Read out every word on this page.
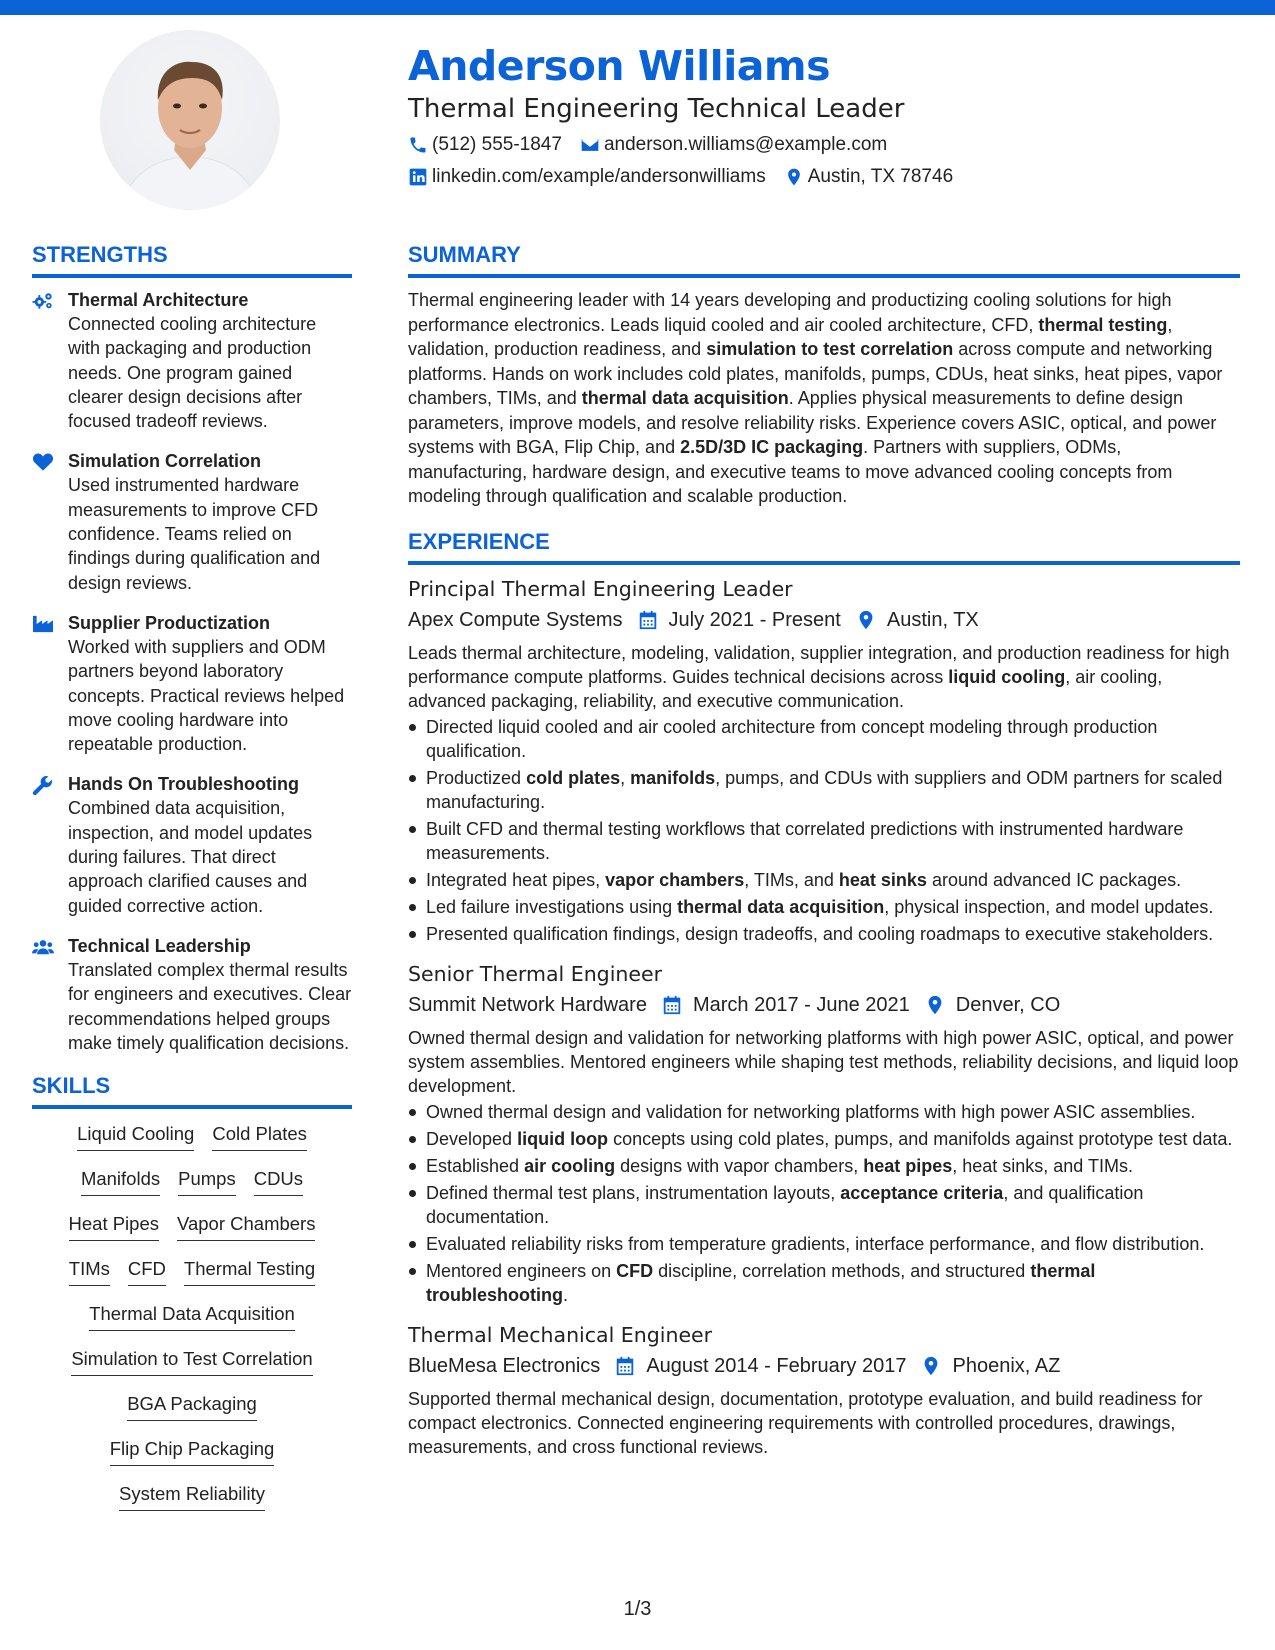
Anderson Williams
Thermal Engineering Technical Leader
(512) 555-1847 anderson.williams@example.com
linkedin.com/example/andersonwilliams Austin, TX 78746
STRENGTHS
Thermal Architecture
Connected cooling architecture with packaging and production needs. One program gained clearer design decisions after focused tradeoff reviews.
Simulation Correlation
Used instrumented hardware measurements to improve CFD confidence. Teams relied on findings during qualification and design reviews.
Supplier Productization
Worked with suppliers and ODM partners beyond laboratory concepts. Practical reviews helped move cooling hardware into repeatable production.
Hands On Troubleshooting
Combined data acquisition, inspection, and model updates during failures. That direct approach clarified causes and guided corrective action.
Technical Leadership
Translated complex thermal results for engineers and executives. Clear recommendations helped groups make timely qualification decisions.
SKILLS
Liquid Cooling Cold Plates
Manifolds Pumps CDUs
Heat Pipes Vapor Chambers
TIMs CFD Thermal Testing
Thermal Data Acquisition
Simulation to Test Correlation
BGA Packaging
Flip Chip Packaging
System Reliability
SUMMARY

Thermal engineering leader with 14 years developing and productizing cooling solutions for high performance electronics. Leads liquid cooled and air cooled architecture, CFD, thermal testing, validation, production readiness, and simulation to test correlation across compute and networking platforms. Hands on work includes cold plates, manifolds, pumps, CDUs, heat sinks, heat pipes, vapor chambers, TIMs, and thermal data acquisition. Applies physical measurements to define design parameters, improve models, and resolve reliability risks. Experience covers ASIC, optical, and power systems with BGA, Flip Chip, and 2.5D/3D IC packaging. Partners with suppliers, ODMs, manufacturing, hardware design, and executive teams to move advanced cooling concepts from modeling through qualification and scalable production.

EXPERIENCE
Principal Thermal Engineering Leader
Apex Compute Systems	July 2021 - Present	Austin, TX
Leads thermal architecture, modeling, validation, supplier integration, and production readiness for high performance compute platforms. Guides technical decisions across liquid cooling, air cooling, advanced packaging, reliability, and executive communication.
Directed liquid cooled and air cooled architecture from concept modeling through production qualification.
Productized cold plates, manifolds, pumps, and CDUs with suppliers and ODM partners for scaled manufacturing.
Built CFD and thermal testing workflows that correlated predictions with instrumented hardware measurements.
Integrated heat pipes, vapor chambers, TIMs, and heat sinks around advanced IC packages.
Led failure investigations using thermal data acquisition, physical inspection, and model updates.
Presented qualification findings, design tradeoffs, and cooling roadmaps to executive stakeholders.
Senior Thermal Engineer
Summit Network Hardware	March 2017 - June 2021	Denver, CO
Owned thermal design and validation for networking platforms with high power ASIC, optical, and power system assemblies. Mentored engineers while shaping test methods, reliability decisions, and liquid loop development.
Owned thermal design and validation for networking platforms with high power ASIC assemblies.
Developed liquid loop concepts using cold plates, pumps, and manifolds against prototype test data.
Established air cooling designs with vapor chambers, heat pipes, heat sinks, and TIMs.
Defined thermal test plans, instrumentation layouts, acceptance criteria, and qualification documentation.
Evaluated reliability risks from temperature gradients, interface performance, and flow distribution.
Mentored engineers on CFD discipline, correlation methods, and structured thermal troubleshooting.
Thermal Mechanical Engineer
BlueMesa Electronics	August 2014 - February 2017	Phoenix, AZ
Supported thermal mechanical design, documentation, prototype evaluation, and build readiness for compact electronics. Connected engineering requirements with controlled procedures, drawings, measurements, and cross functional reviews.
1/3
